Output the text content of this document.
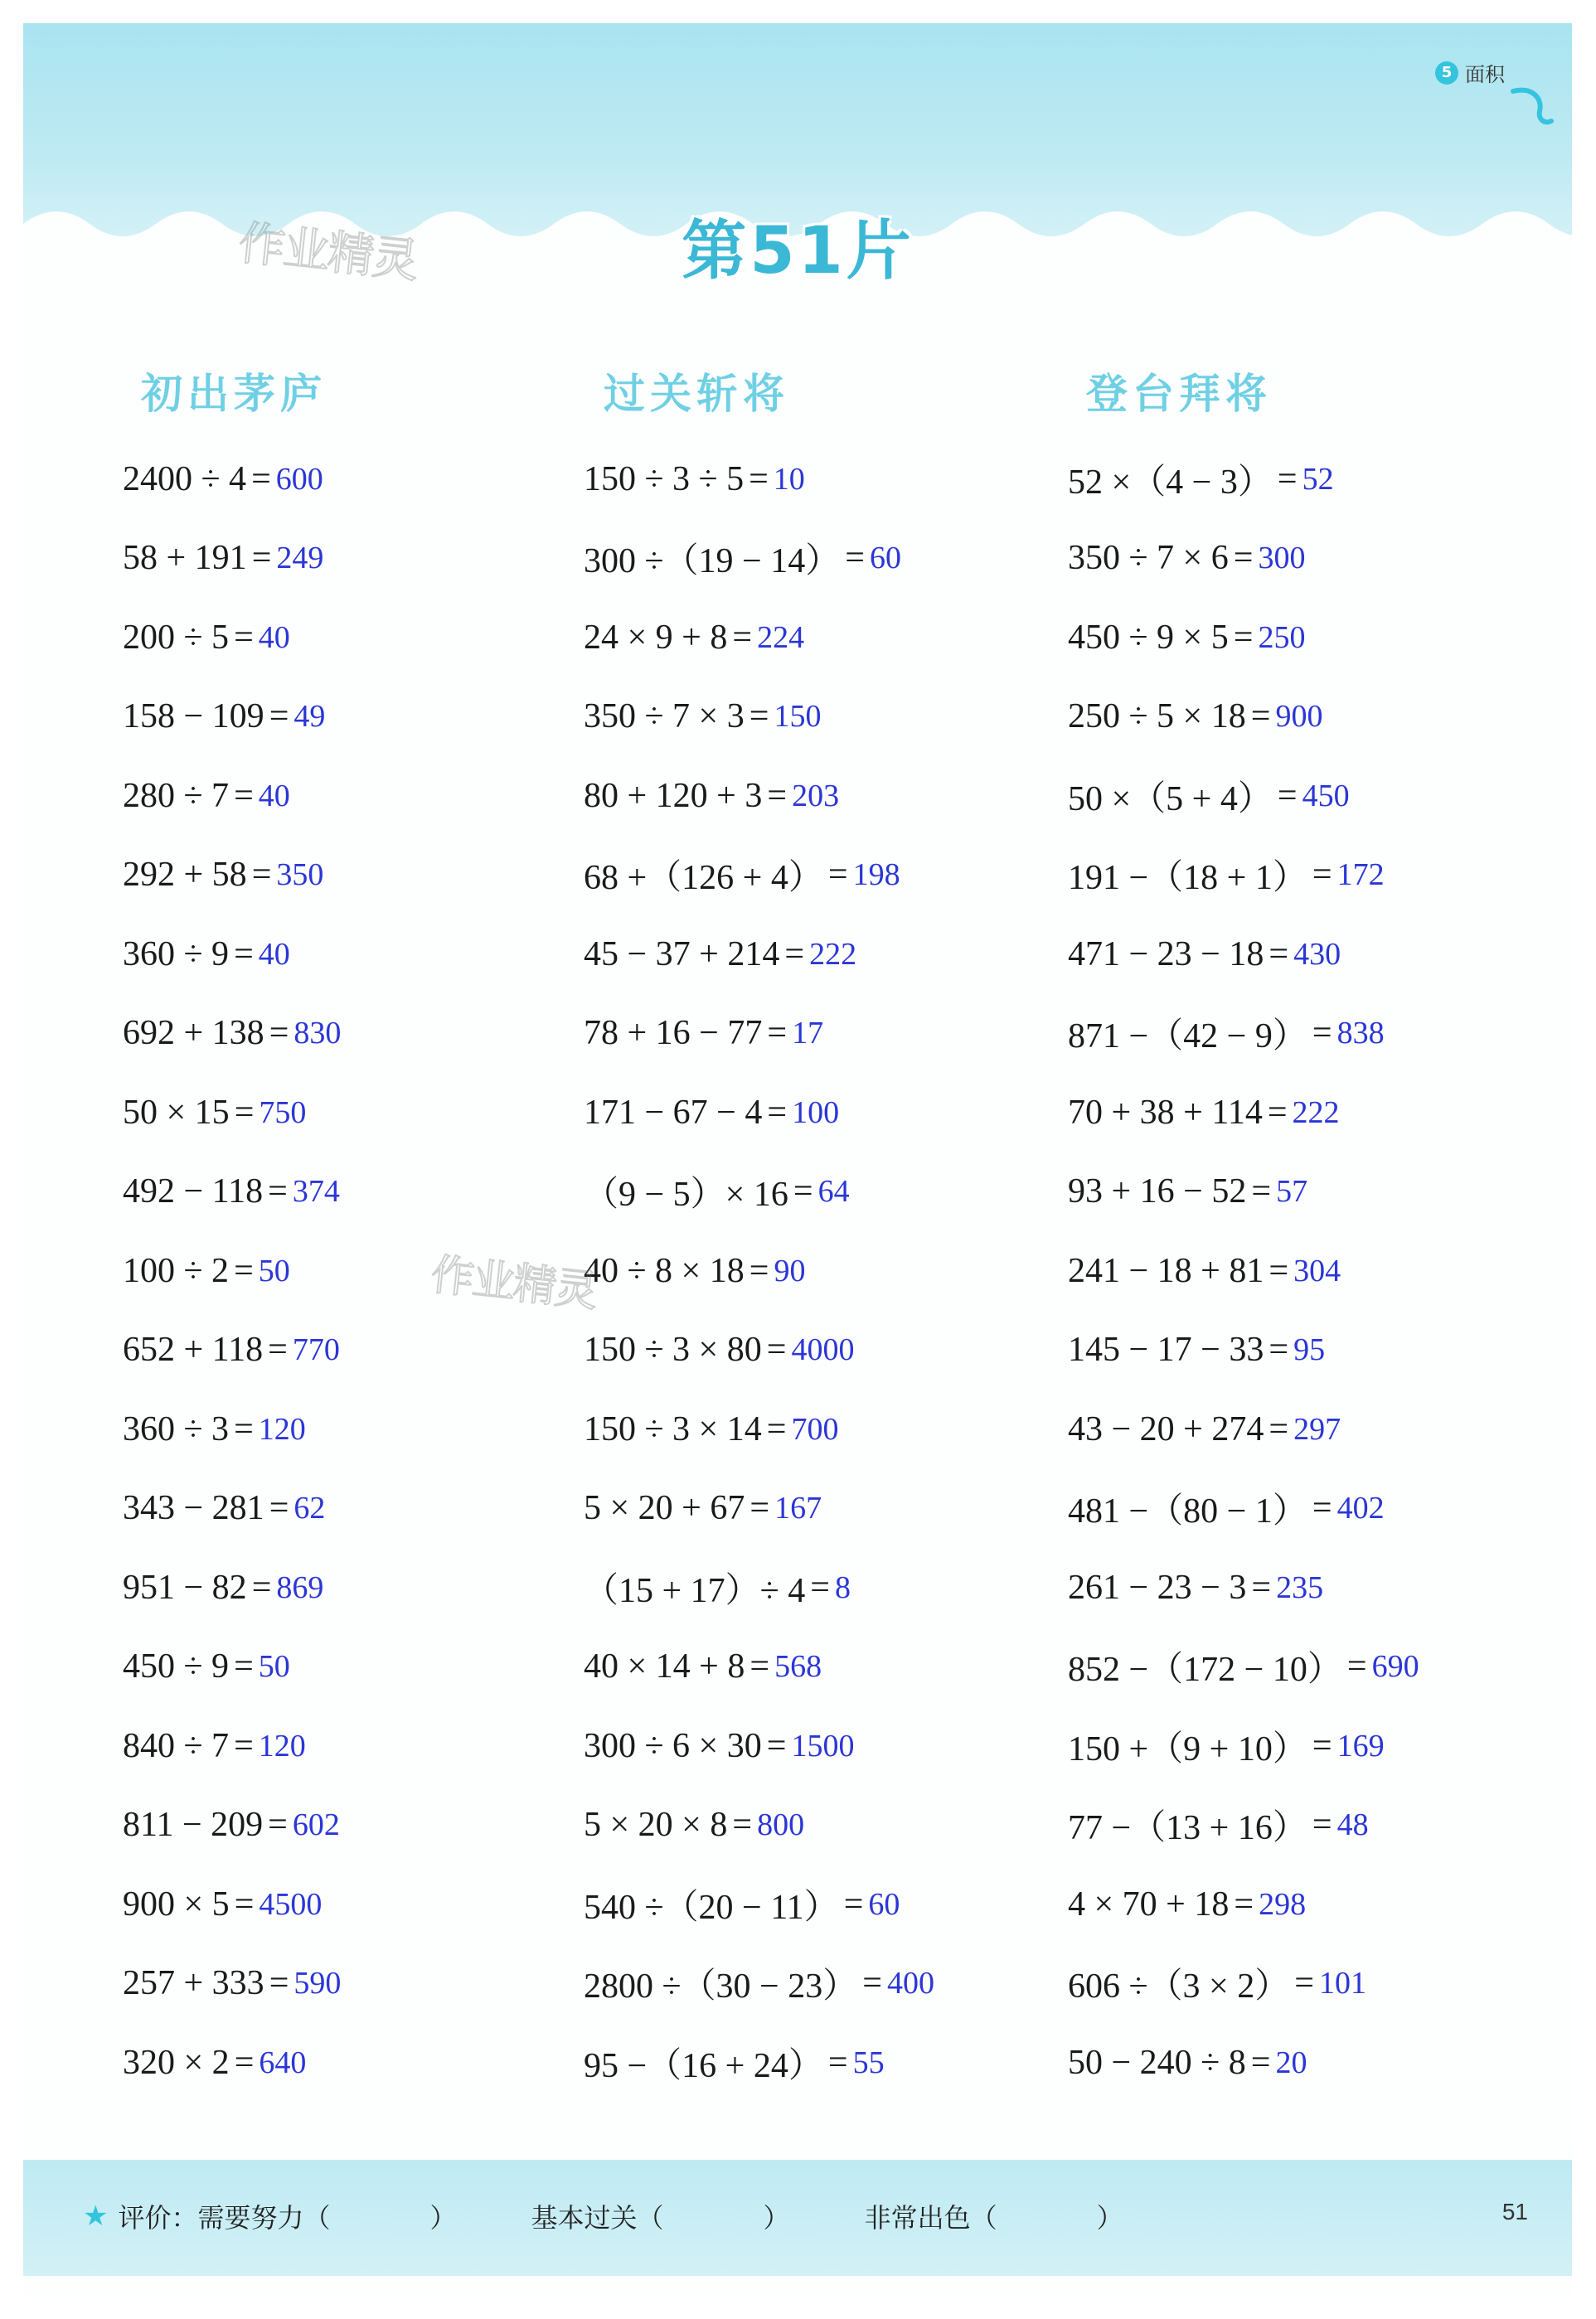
5 面积
作业精灵	第51片
初出茅庐	过关斩将	登台拜将
2400 ÷ 4 = 600
58 + 191 = 249
200 ÷ 5 = 40
158 − 109 = 49
280 ÷ 7 = 40
292 + 58 = 350
360 ÷ 9 = 40
692 + 138 = 830
50 × 15 = 750
492 − 118 = 374
100 ÷ 2 = 50
652 + 118 = 770
360 ÷ 3 = 120
343 − 281 = 62
951 − 82 = 869
450 ÷ 9 = 50
840 ÷ 7 = 120
811 − 209 = 602
900 × 5 = 4500
257 + 333 = 590
320 × 2 = 640
150 ÷ 3 ÷ 5 = 10
300 ÷（19 − 14） = 60
24 × 9 + 8 = 224
350 ÷ 7 × 3 = 150
80 + 120 + 3 = 203
68 +（126 + 4） = 198
45 − 37 + 214 = 222
78 + 16 − 77 = 17
171 − 67 − 4 = 100
（9 − 5）× 16 = 64
40 ÷ 8 × 18 = 90
150 ÷ 3 × 80 = 4000
150 ÷ 3 × 14 = 700
5 × 20 + 67 = 167
（15 + 17）÷ 4 = 8
40 × 14 + 8 = 568
300 ÷ 6 × 30 = 1500
5 × 20 × 8 = 800
540 ÷（20 − 11） = 60
2800 ÷（30 − 23） = 400
95 −（16 + 24） = 55
52 ×（4 − 3） = 52
350 ÷ 7 × 6 = 300
450 ÷ 9 × 5 = 250
250 ÷ 5 × 18 = 900
50 ×（5 + 4） = 450
191 −（18 + 1） = 172
471 − 23 − 18 = 430
871 −（42 − 9） = 838
70 + 38 + 114 = 222
93 + 16 − 52 = 57
241 − 18 + 81 = 304
145 − 17 − 33 = 95
43 − 20 + 274 = 297
481 −（80 − 1） = 402
261 − 23 − 3 = 235
852 −（172 − 10） = 690
150 +（9 + 10） = 169
77 −（13 + 16） = 48
4 × 70 + 18 = 298
606 ÷（3 × 2） = 101
50 − 240 ÷ 8 = 20
作业精灵
★ 评价： 需要努力（	）	基本过关（	）	非常出色（	）	51
